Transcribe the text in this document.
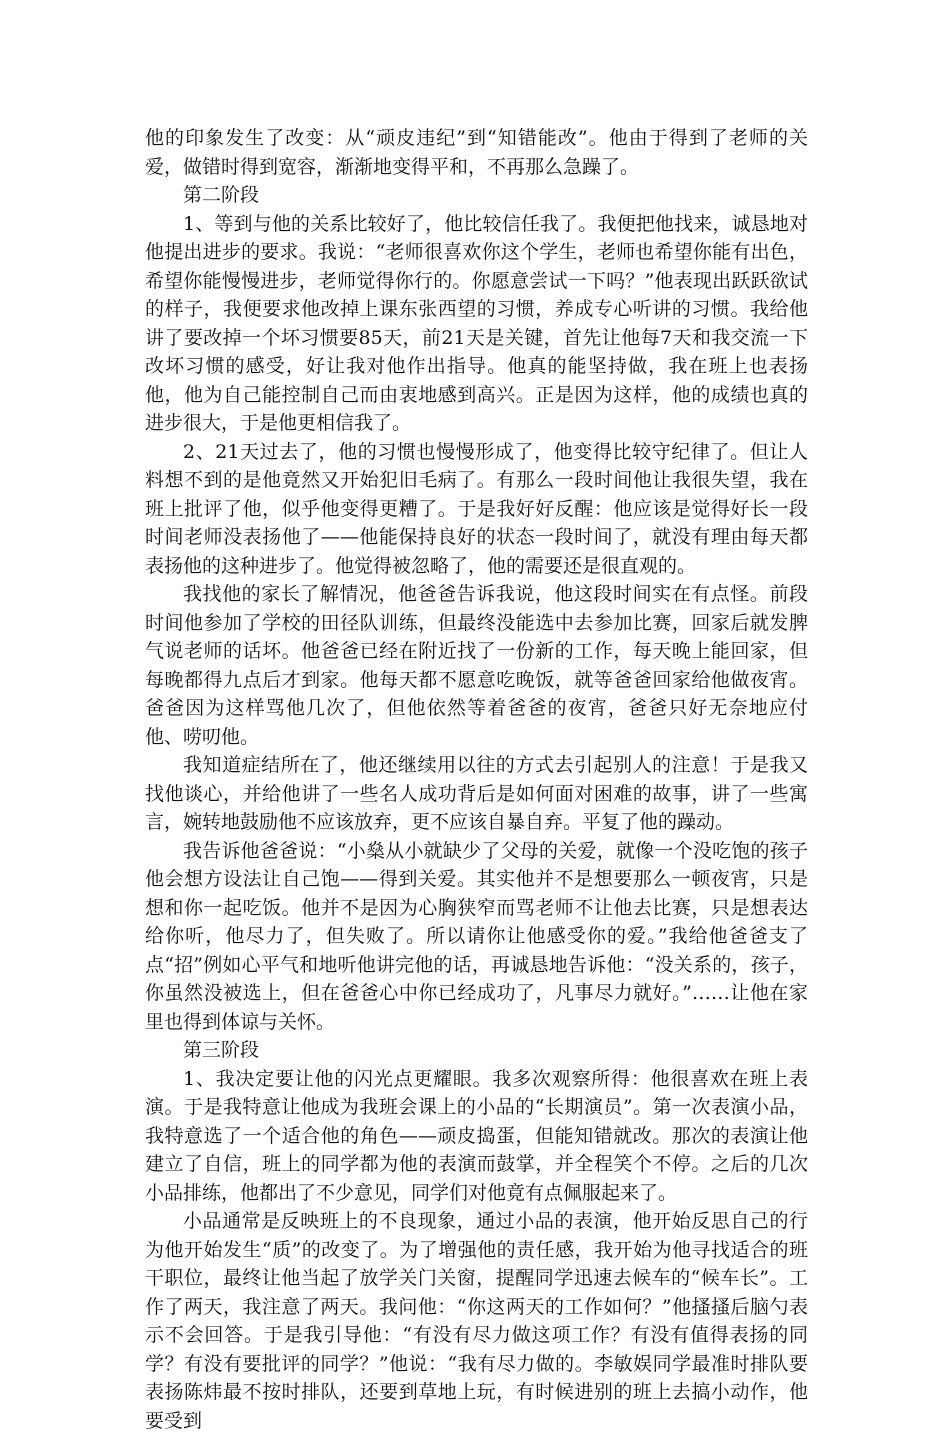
他的印象发生了改变：从“顽皮违纪”到“知错能改”。他由于得到了老师的关爱，做错时得到宽容，渐渐地变得平和，不再那么急躁了。

第二阶段

1、等到与他的关系比较好了，他比较信任我了。我便把他找来，诚恳地对他提出进步的要求。我说：“老师很喜欢你这个学生，老师也希望你能有出色，希望你能慢慢进步，老师觉得你行的。你愿意尝试一下吗？”他表现出跃跃欲试的样子，我便要求他改掉上课东张西望的习惯，养成专心听讲的习惯。我给他讲了要改掉一个坏习惯要85天，前21天是关键，首先让他每7天和我交流一下改坏习惯的感受，好让我对他作出指导。他真的能坚持做，我在班上也表扬他，他为自己能控制自己而由衷地感到高兴。正是因为这样，他的成绩也真的进步很大，于是他更相信我了。

2、21天过去了，他的习惯也慢慢形成了，他变得比较守纪律了。但让人料想不到的是他竟然又开始犯旧毛病了。有那么一段时间他让我很失望，我在班上批评了他，似乎他变得更糟了。于是我好好反醒：他应该是觉得好长一段时间老师没表扬他了——他能保持良好的状态一段时间了，就没有理由每天都表扬他的这种进步了。他觉得被忽略了，他的需要还是很直观的。

我找他的家长了解情况，他爸爸告诉我说，他这段时间实在有点怪。前段时间他参加了学校的田径队训练，但最终没能选中去参加比赛，回家后就发脾气说老师的话坏。他爸爸已经在附近找了一份新的工作，每天晚上能回家，但每晚都得九点后才到家。他每天都不愿意吃晚饭，就等爸爸回家给他做夜宵。爸爸因为这样骂他几次了，但他依然等着爸爸的夜宵，爸爸只好无奈地应付他、唠叨他。

我知道症结所在了，他还继续用以往的方式去引起别人的注意！于是我又找他谈心，并给他讲了一些名人成功背后是如何面对困难的故事，讲了一些寓言，婉转地鼓励他不应该放弃，更不应该自暴自弃。平复了他的躁动。

我告诉他爸爸说：“小燊从小就缺少了父母的关爱，就像一个没吃饱的孩子他会想方设法让自己饱——得到关爱。其实他并不是想要那么一顿夜宵，只是想和你一起吃饭。他并不是因为心胸狭窄而骂老师不让他去比赛，只是想表达给你听，他尽力了，但失败了。所以请你让他感受你的爱。”我给他爸爸支了点“招”例如心平气和地听他讲完他的话，再诚恳地告诉他：“没关系的，孩子，你虽然没被选上，但在爸爸心中你已经成功了，凡事尽力就好。”……让他在家里也得到体谅与关怀。

第三阶段

1、我决定要让他的闪光点更耀眼。我多次观察所得：他很喜欢在班上表演。于是我特意让他成为我班会课上的小品的“长期演员”。第一次表演小品，我特意选了一个适合他的角色——顽皮捣蛋，但能知错就改。那次的表演让他建立了自信，班上的同学都为他的表演而鼓掌，并全程笑个不停。之后的几次小品排练，他都出了不少意见，同学们对他竟有点佩服起来了。

小品通常是反映班上的不良现象，通过小品的表演，他开始反思自己的行为他开始发生“质”的改变了。为了增强他的责任感，我开始为他寻找适合的班干职位，最终让他当起了放学关门关窗，提醒同学迅速去候车的“候车长”。工作了两天，我注意了两天。我问他：“你这两天的工作如何？”他搔搔后脑勺表示不会回答。于是我引导他：“有没有尽力做这项工作？有没有值得表扬的同学？有没有要批评的同学？”他说：“我有尽力做的。李敏娱同学最准时排队要表扬陈炜最不按时排队，还要到草地上玩，有时候进别的班上去搞小动作，他要受到
